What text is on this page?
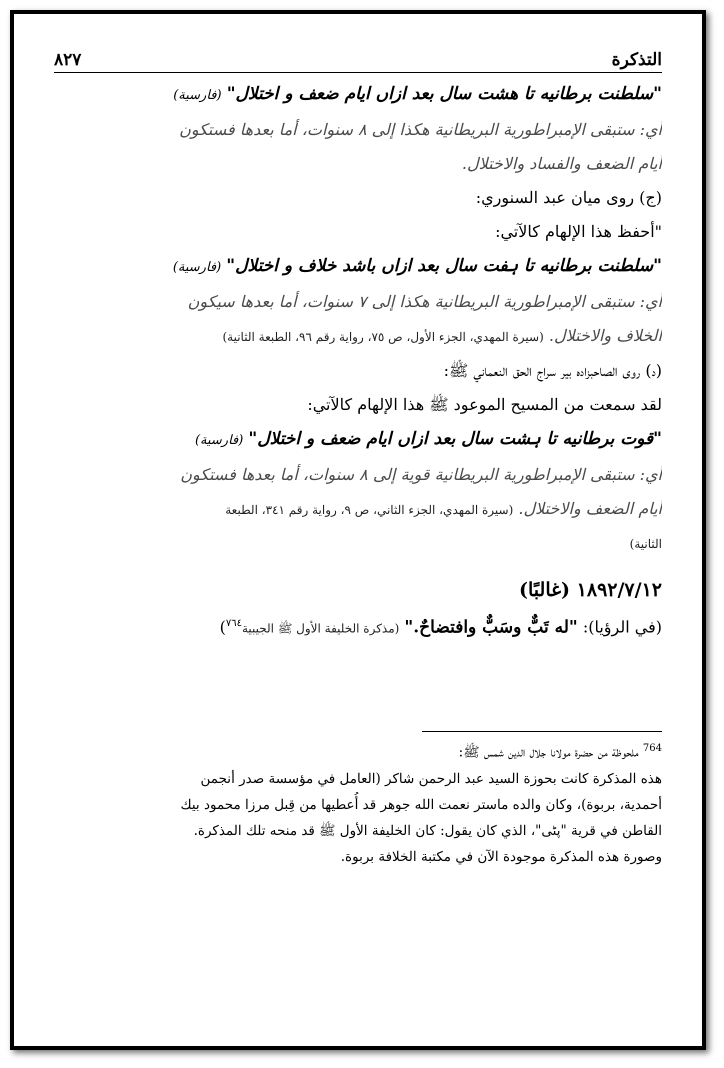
التذكرة
٨٢٧
"سلطنت برطانيه تا هشت سال بعد ازاں ایام ضعف و اختلال" (فارسية)
أي: ستبقى الإمبراطورية البريطانية هكذا إلى ٨ سنوات، أما بعدها فستكون
أيام الضعف والفساد والاختلال.
(ج) روى ميان عبد السنوري:
"أحفظ هذا الإلهام كالآتي:
"سلطنت برطانیه تا ہفت سال بعد ازاں باشد خلاف و اختلال" (فارسية)
أي: ستبقى الإمبراطورية البريطانية هكذا إلى ٧ سنوات، أما بعدها سيكون
الخلاف والاختلال. (سيرة المهدي، الجزء الأول، ص ٧٥، رواية رقم ٩٦، الطبعة الثانية)
(د) روى الصاحبزاده بير سراج الحق النعماني ﷺ:
لقد سمعت من المسيح الموعود ﷺ هذا الإلهام كالآتي:
"قوت برطانیه تا ہشت سال بعد ازاں ایام ضعف و اختلال" (فارسية)
أي: ستبقى الإمبراطورية البريطانية قوية إلى ٨ سنوات، أما بعدها فستكون
أيام الضعف والاختلال. (سيرة المهدي، الجزء الثاني، ص ٩، رواية رقم ٣٤١، الطبعة
الثانية)
١٨٩٢/٧/١٢ (غالبًا)
(في الرؤيا): "له تَبٌّ وسَبٌّ وافتضاحٌ." (مذكرة الخليفة الأول ﷺ الجيبية$^{٧٦٤}$)
$^{764}$ ملحوظة من حضرة مولانا جلال الدين شمس ﷺ:
هذه المذكرة كانت بحوزة السيد عبد الرحمن شاكر (العامل في مؤسسة صدر أنجمن
أحمدية، بربوة)، وكان والده ماستر نعمت الله جوهر قد أُعطيها من قِبل مرزا محمود بيك
القاطن في قرية "پٹی"، الذي كان يقول: كان الخليفة الأول ﷺ قد منحه تلك المذكرة.
وصورة هذه المذكرة موجودة الآن في مكتبة الخلافة بربوة.
